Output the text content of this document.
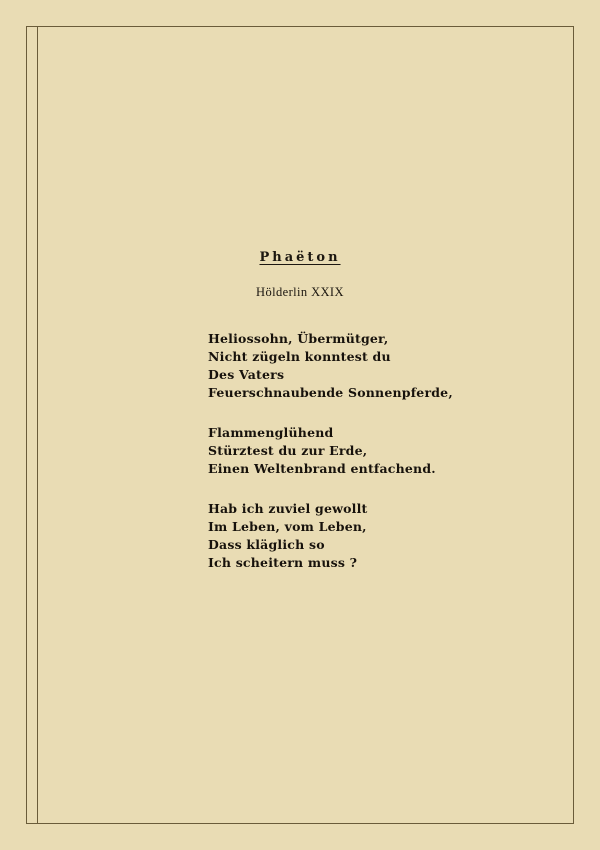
Phaëton
Hölderlin XXIX
Heliossohn, Übermütger,
Nicht zügeln konntest du
Des Vaters
Feuerschnaubende Sonnenpferde,
Flammenglühend
Stürztest du zur Erde,
Einen Weltenbrand entfachend.
Hab ich zuviel gewollt
Im Leben, vom Leben,
Dass kläglich so
Ich scheitern muss ?
